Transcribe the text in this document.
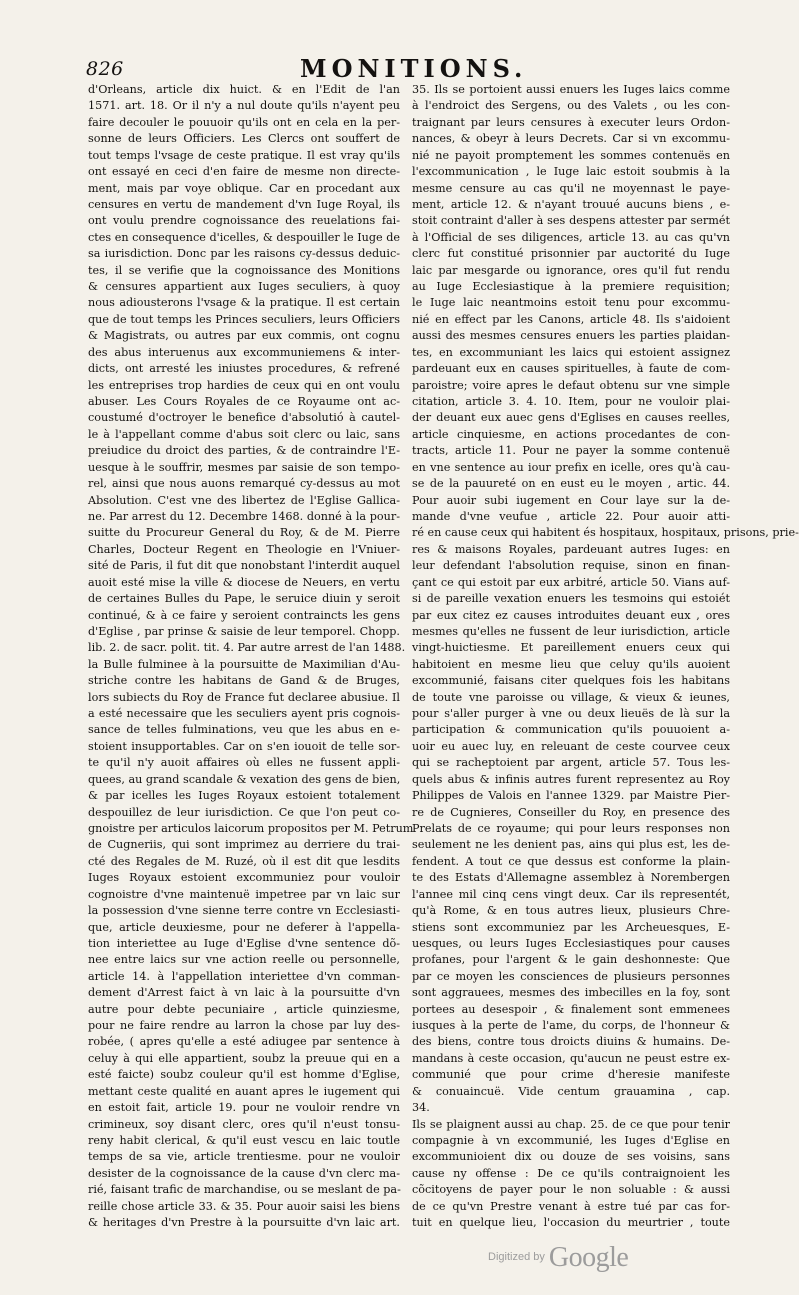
826	MONITIONS.
d'Orleans, article dix huict. & en l'Edit de l'an
1571. art. 18. Or il n'y a nul doute qu'ils n'ayent peu
faire decouler le pouuoir qu'ils ont en cela en la per-
sonne de leurs Officiers. Les Clercs ont souffert de
tout temps l'vsage de ceste pratique. Il est vray qu'ils
ont essayé en ceci d'en faire de mesme non directe-
ment, mais par voye oblique. Car en procedant aux
censures en vertu de mandement d'vn Iuge Royal, ils
ont voulu prendre cognoissance des reuelations fai-
ctes en consequence d'icelles, & despouiller le Iuge de
sa iurisdiction. Donc par les raisons cy-dessus deduic-
tes, il se verifie que la cognoissance des Monitions
& censures appartient aux Iuges seculiers, à quoy
nous adiousterons l'vsage & la pratique. Il est certain
que de tout temps les Princes seculiers, leurs Officiers
& Magistrats, ou autres par eux commis, ont cognu
des abus interuenus aux excommuniemens & inter-
dicts, ont arresté les iniustes procedures, & refrené
les entreprises trop hardies de ceux qui en ont voulu
abuser. Les Cours Royales de ce Royaume ont ac-
coustumé d'octroyer le benefice d'absolutió à cautel-
le à l'appellant comme d'abus soit clerc ou laic, sans
preiudice du droict des parties, & de contraindre l'E-
uesque à le souffrir, mesmes par saisie de son tempo-
rel, ainsi que nous auons remarqué cy-dessus au mot
Absolution. C'est vne des libertez de l'Eglise Gallica-
ne. Par arrest du 12. Decembre 1468. donné à la pour-
suitte du Procureur General du Roy, & de M. Pierre
Charles, Docteur Regent en Theologie en l'Vniuer-
sité de Paris, il fut dit que nonobstant l'interdit auquel
auoit esté mise la ville & diocese de Neuers, en vertu
de certaines Bulles du Pape, le seruice diuin y seroit
continué, & à ce faire y seroient contraincts les gens
d'Eglise , par prinse & saisie de leur temporel. Chopp.
lib. 2. de sacr. polit. tit. 4. Par autre arrest de l'an 1488.
la Bulle fulminee à la poursuitte de Maximilian d'Au-
striche contre les habitans de Gand & de Bruges,
lors subiects du Roy de France fut declaree abusiue. Il
a esté necessaire que les seculiers ayent pris cognois-
sance de telles fulminations, veu que les abus en e-
stoient insupportables. Car on s'en iouoit de telle sor-
te qu'il n'y auoit affaires où elles ne fussent appli-
quees, au grand scandale & vexation des gens de bien,
& par icelles les Iuges Royaux estoient totalement
despouillez de leur iurisdiction. Ce que l'on peut co-
gnoistre per articulos laicorum propositos per M. Petrum
de Cugneriis, qui sont imprimez au derriere du trai-
cté des Regales de M. Ruzé, où il est dit que lesdits
Iuges Royaux estoient excommuniez pour vouloir
cognoistre d'vne maintenuë impetree par vn laic sur
la possession d'vne sienne terre contre vn Ecclesiasti-
que, article deuxiesme, pour ne deferer à l'appella-
tion interiettee au Iuge d'Eglise d'vne sentence dõ-
nee entre laics sur vne action reelle ou personnelle,
article 14. à l'appellation interiettee d'vn comman-
dement d'Arrest faict à vn laic à la poursuitte d'vn
autre pour debte pecuniaire , article quinziesme,
pour ne faire rendre au larron la chose par luy des-
robée, ( apres qu'elle a esté adiugee par sentence à
celuy à qui elle appartient, soubz la preuue qui en a
esté faicte) soubz couleur qu'il est homme d'Eglise,
mettant ceste qualité en auant apres le iugement qui
en estoit fait, article 19. pour ne vouloir rendre vn
crimineux, soy disant clerc, ores qu'il n'eust tonsu-
reny habit clerical, & qu'il eust vescu en laic toutle
temps de sa vie, article trentiesme. pour ne vouloir
desister de la cognoissance de la cause d'vn clerc ma-
rié, faisant trafic de marchandise, ou se meslant de pa-
reille chose article 33. & 35. Pour auoir saisi les biens
& heritages d'vn Prestre à la poursuitte d'vn laic art.
35. Ils se portoient aussi enuers les Iuges laics comme
à l'endroict des Sergens, ou des Valets , ou les con-
traignant par leurs censures à executer leurs Ordon-
nances, & obeyr à leurs Decrets. Car si vn excommu-
nié ne payoit promptement les sommes contenuës en
l'excommunication , le Iuge laic estoit soubmis à la
mesme censure au cas qu'il ne moyennast le paye-
ment, article 12. & n'ayant trouué aucuns biens , e-
stoit contraint d'aller à ses despens attester par sermét
à l'Official de ses diligences, article 13. au cas qu'vn
clerc fut constitué prisonnier par auctorité du Iuge
laic par mesgarde ou ignorance, ores qu'il fut rendu
au Iuge Ecclesiastique à la premiere requisition;
le Iuge laic neantmoins estoit tenu pour excommu-
nié en effect par les Canons, article 48. Ils s'aidoient
aussi des mesmes censures enuers les parties plaidan-
tes, en excommuniant les laics qui estoient assignez
pardeuant eux en causes spirituelles, à faute de com-
paroistre; voire apres le defaut obtenu sur vne simple
citation, article 3. 4. 10. Item, pour ne vouloir plai-
der deuant eux auec gens d'Eglises en causes reelles,
article cinquiesme, en actions procedantes de con-
tracts, article 11. Pour ne payer la somme contenuë
en vne sentence au iour prefix en icelle, ores qu'à cau-
se de la pauureté on en eust eu le moyen , artic. 44.
Pour auoir subi iugement en Cour laye sur la de-
mande d'vne veufue , article 22. Pour auoir atti-
ré en cause ceux qui habitent és hospitaux, hospitaux, prisons, prie-
res & maisons Royales, pardeuant autres Iuges: en
leur defendant l'absolution requise, sinon en finan-
çant ce qui estoit par eux arbitré, article 50. Vians auf-
si de pareille vexation enuers les tesmoins qui estoiét
par eux citez ez causes introduites deuant eux , ores
mesmes qu'elles ne fussent de leur iurisdiction, article
vingt-huictiesme. Et pareillement enuers ceux qui
habitoient en mesme lieu que celuy qu'ils auoient
excommunié, faisans citer quelques fois les habitans
de toute vne paroisse ou village, & vieux & ieunes,
pour s'aller purger à vne ou deux lieuës de là sur la
participation & communication qu'ils pouuoient a-
uoir eu auec luy, en releuant de ceste courvee ceux
qui se racheptoient par argent, article 57. Tous les-
quels abus & infinis autres furent representez au Roy
Philippes de Valois en l'annee 1329. par Maistre Pier-
re de Cugnieres, Conseiller du Roy, en presence des
Prelats de ce royaume; qui pour leurs responses non
seulement ne les denient pas, ains qui plus est, les de-
fendent. A tout ce que dessus est conforme la plain-
te des Estats d'Allemagne assemblez à Norembergen
l'annee mil cinq cens vingt deux. Car ils representét,
qu'à Rome, & en tous autres lieux, plusieurs Chre-
stiens sont excommuniez par les Archeuesques, E-
uesques, ou leurs Iuges Ecclesiastiques pour causes
profanes, pour l'argent & le gain deshonneste: Que
par ce moyen les consciences de plusieurs personnes
sont aggrauees, mesmes des imbecilles en la foy, sont
portees au desespoir , & finalement sont emmenees
iusques à la perte de l'ame, du corps, de l'honneur &
des biens, contre tous droicts diuins & humains. De-
mandans à ceste occasion, qu'aucun ne peust estre ex-
communié que pour crime d'heresie manifeste
& conuaincuë. Vide centum grauamina , cap.
34.
Ils se plaignent aussi au chap. 25. de ce que pour tenir
compagnie à vn excommunié, les Iuges d'Eglise en
excommunioient dix ou douze de ses voisins, sans
cause ny offense : De ce qu'ils contraignoient les
cõcitoyens de payer pour le non soluable : & aussi
de ce qu'vn Prestre venant à estre tué par cas for-
tuit en quelque lieu, l'occasion du meurtrier , toute
$^{Digitized by}$ Google
